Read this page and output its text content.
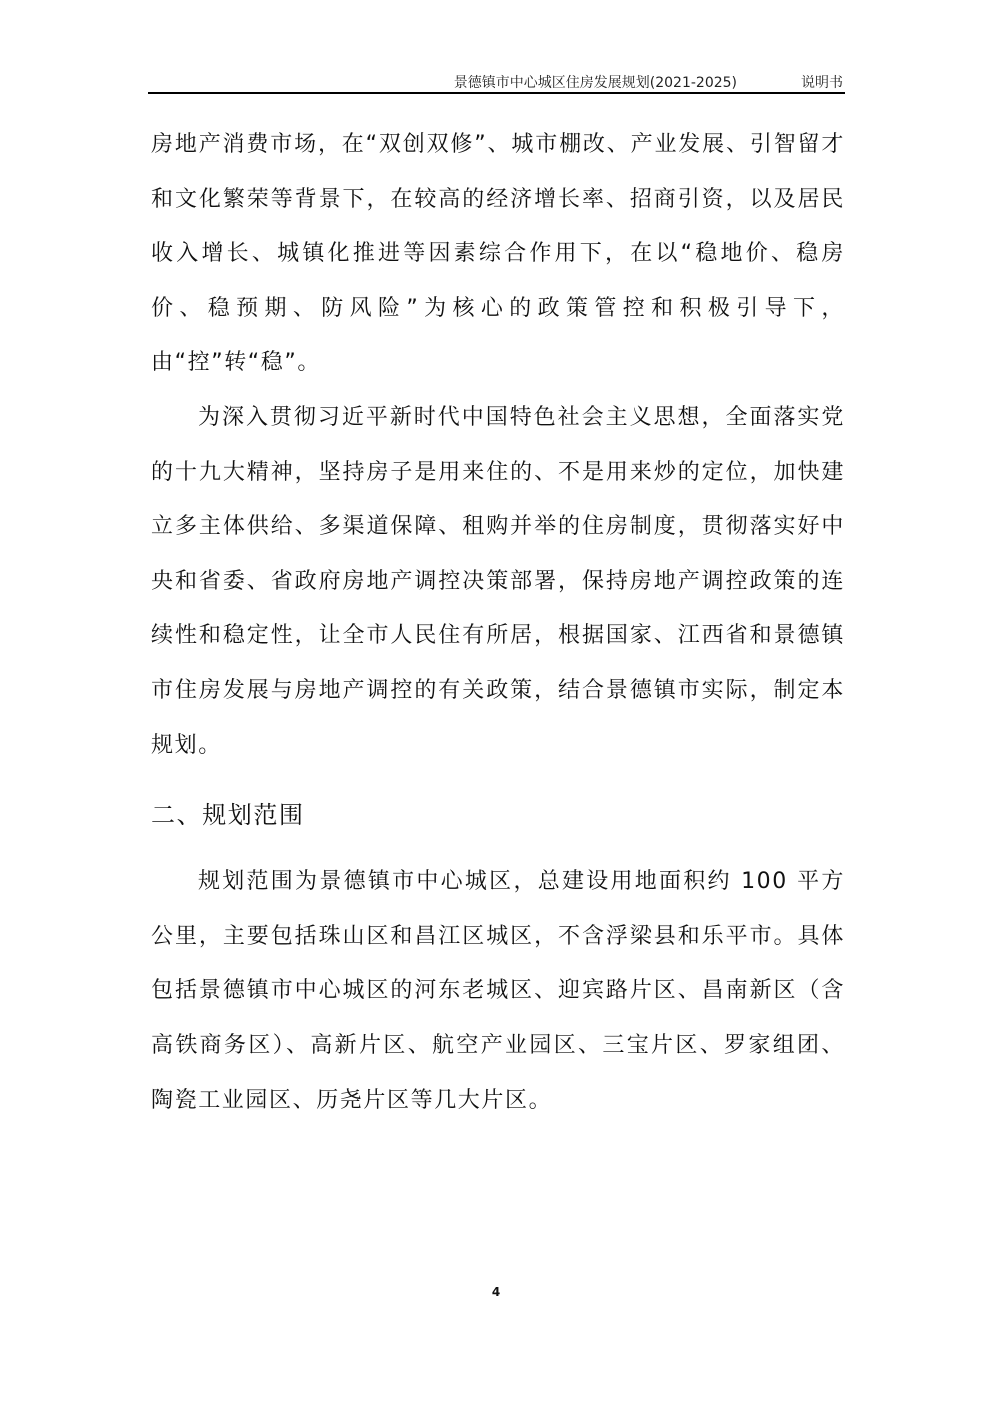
景德镇市中心城区住房发展规划(2021-2025)	说明书

房地产消费市场，在“双创双修”、城市棚改、产业发展、引智留才和文化繁荣等背景下，在较高的经济增长率、招商引资，以及居民收入增长、城镇化推进等因素综合作用下，在以“稳地价、稳房价、稳预期、防风险”为核心的政策管控和积极引导下，由“控”转“稳”。

为深入贯彻习近平新时代中国特色社会主义思想，全面落实党的十九大精神，坚持房子是用来住的、不是用来炒的定位，加快建立多主体供给、多渠道保障、租购并举的住房制度，贯彻落实好中央和省委、省政府房地产调控决策部署，保持房地产调控政策的连续性和稳定性，让全市人民住有所居，根据国家、江西省和景德镇市住房发展与房地产调控的有关政策，结合景德镇市实际，制定本规划。

二、规划范围

规划范围为景德镇市中心城区，总建设用地面积约 100 平方公里，主要包括珠山区和昌江区城区，不含浮梁县和乐平市。具体包括景德镇市中心城区的河东老城区、迎宾路片区、昌南新区（含高铁商务区）、高新片区、航空产业园区、三宝片区、罗家组团、陶瓷工业园区、历尧片区等几大片区。

4
